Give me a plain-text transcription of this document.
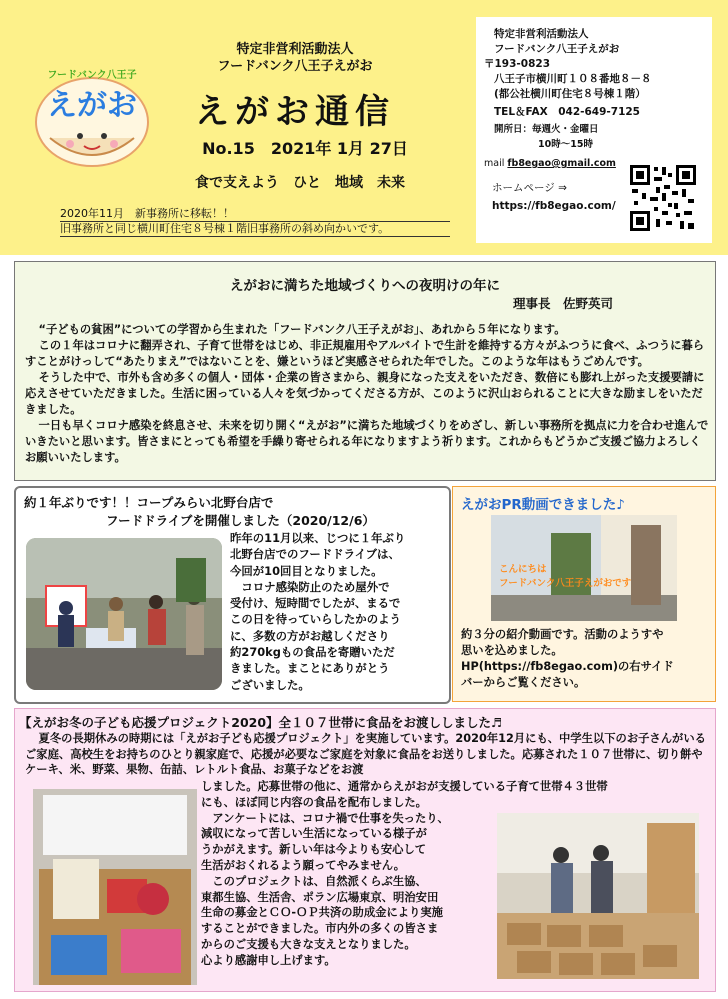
特定非営利活動法人
フードバンク八王子えがお
フードバンク八王子
えがお	えがお通信
No.15　2021年 1月 27日
食で支えよう　ひと　地域　未来
2020年11月　新事務所に移転！！
旧事務所と同じ横川町住宅８号棟１階旧事務所の斜め向かいです。
特定非営利活動法人
フードバンク八王子えがお
〒193-0823
八王子市横川町１０８番地８－８
(都公社横川町住宅８号棟１階）
TEL＆FAX　042-649-7125
開所日：毎週火・金曜日
10時～15時
mail fb8egao@gmail.com
ホームページ ⇒
https://fb8egao.com/
えがおに満ちた地域づくりへの夜明けの年に
理事長　佐野英司

“子どもの貧困”についての学習から生まれた「フードバンク八王子えがお」、あれから５年になります。

この１年はコロナに翻弄され、子育て世帯をはじめ、非正規雇用やアルバイトで生計を維持する方々がふつうに食べ、ふつうに暮らすことがけっして“あたりまえ”ではないことを、嫌というほど実感させられた年でした。このような年はもうごめんです。

そうした中で、市外も含め多くの個人・団体・企業の皆さまから、親身になった支えをいただき、数倍にも膨れ上がった支援要請に応えさせていただきました。生活に困っている人々を気づかってくださる方が、このように沢山おられることに大きな励ましをいただきました。

一日も早くコロナ感染を終息させ、未来を切り開く“えがお”に満ちた地域づくりをめざし、新しい事務所を拠点に力を合わせ進んでいきたいと思います。皆さまにとっても希望を手繰り寄せられる年になりますよう祈ります。これからもどうかご支援ご協力よろしくお願いいたします。

約１年ぶりです！！コープみらい北野台店で
フードドライブを開催しました（2020/12/6）

昨年の11月以来、じつに１年ぶり

北野台店でのフードドライブは、

今回が10回目となりました。

　コロナ感染防止のため屋外で

受付け、短時間でしたが、まるで

この日を待っていらしたかのよう

に、多数の方がお越しくださり

約270kgもの食品を寄贈いただ

きました。まことにありがとう

ございました。

えがおPR動画できました♪
こんにちは
フードバンク八王子えがおです

約３分の紹介動画です。活動のようすや

思いを込めました。

HP(https://fb8egao.com)の右サイド

バーからご覧ください。

【えがお冬の子ども応援プロジェクト2020】全１０７世帯に食品をお渡ししました♬

夏冬の長期休みの時期には「えがお子ども応援プロジェクト」を実施しています。2020年12月にも、中学生以下のお子さんがいるご家庭、高校生をお持ちのひとり親家庭で、応援が必要なご家庭を対象に食品をお送りしました。応募された１０７世帯に、切り餅やケーキ、米、野菜、果物、缶詰、レトルト食品、お菓子などをお渡

しました。応募世帯の他に、通常からえがおが支援している子育て世帯４３世帯

にも、ほぼ同じ内容の食品を配布しました。

　アンケートには、コロナ禍で仕事を失ったり、

減収になって苦しい生活になっている様子が

うかがえます。新しい年は今よりも安心して

生活がおくれるよう願ってやみません。

　このプロジェクトは、自然派くらぶ生協、

東都生協、生活舎、ポラン広場東京、明治安田

生命の募金とＣＯ-ＯＰ共済の助成金により実施

することができました。市内外の多くの皆さま

からのご支援も大きな支えとなりました。

心より感謝申し上げます。
